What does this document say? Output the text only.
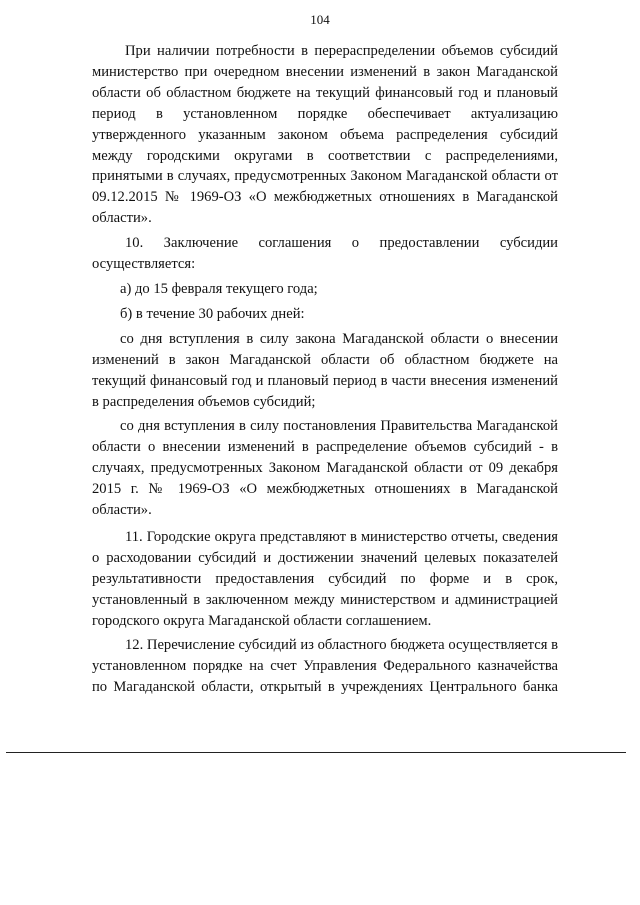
104

При наличии потребности в перераспределении объемов субсидий министерство при очередном внесении изменений в закон Магаданской области об областном бюджете на текущий финансовый год и плановый период в установленном порядке обеспечивает актуализацию утвержденного указанным законом объема распределения субсидий между городскими округами в соответствии с распределениями, принятыми в случаях, предусмотренных Законом Магаданской области от 09.12.2015 № 1969-ОЗ «О межбюджетных отношениях в Магаданской области».

10. Заключение соглашения о предоставлении субсидии осуществляется:

а) до 15 февраля текущего года;

б) в течение 30 рабочих дней:

со дня вступления в силу закона Магаданской области о внесении изменений в закон Магаданской области об областном бюджете на текущий финансовый год и плановый период в части внесения изменений в распределения объемов субсидий;

со дня вступления в силу постановления Правительства Магаданской области о внесении изменений в распределение объемов субсидий - в случаях, предусмотренных Законом Магаданской области от 09 декабря 2015 г. № 1969-ОЗ «О межбюджетных отношениях в Магаданской области».

11. Городские округа представляют в министерство отчеты, сведения о расходовании субсидий и достижении значений целевых показателей результативности предоставления субсидий по форме и в срок, установленный в заключенном между министерством и администрацией городского округа Магаданской области соглашением.

12. Перечисление субсидий из областного бюджета осуществляется в установленном порядке на счет Управления Федерального казначейства по Магаданской области, открытый в учреждениях Центрального банка
